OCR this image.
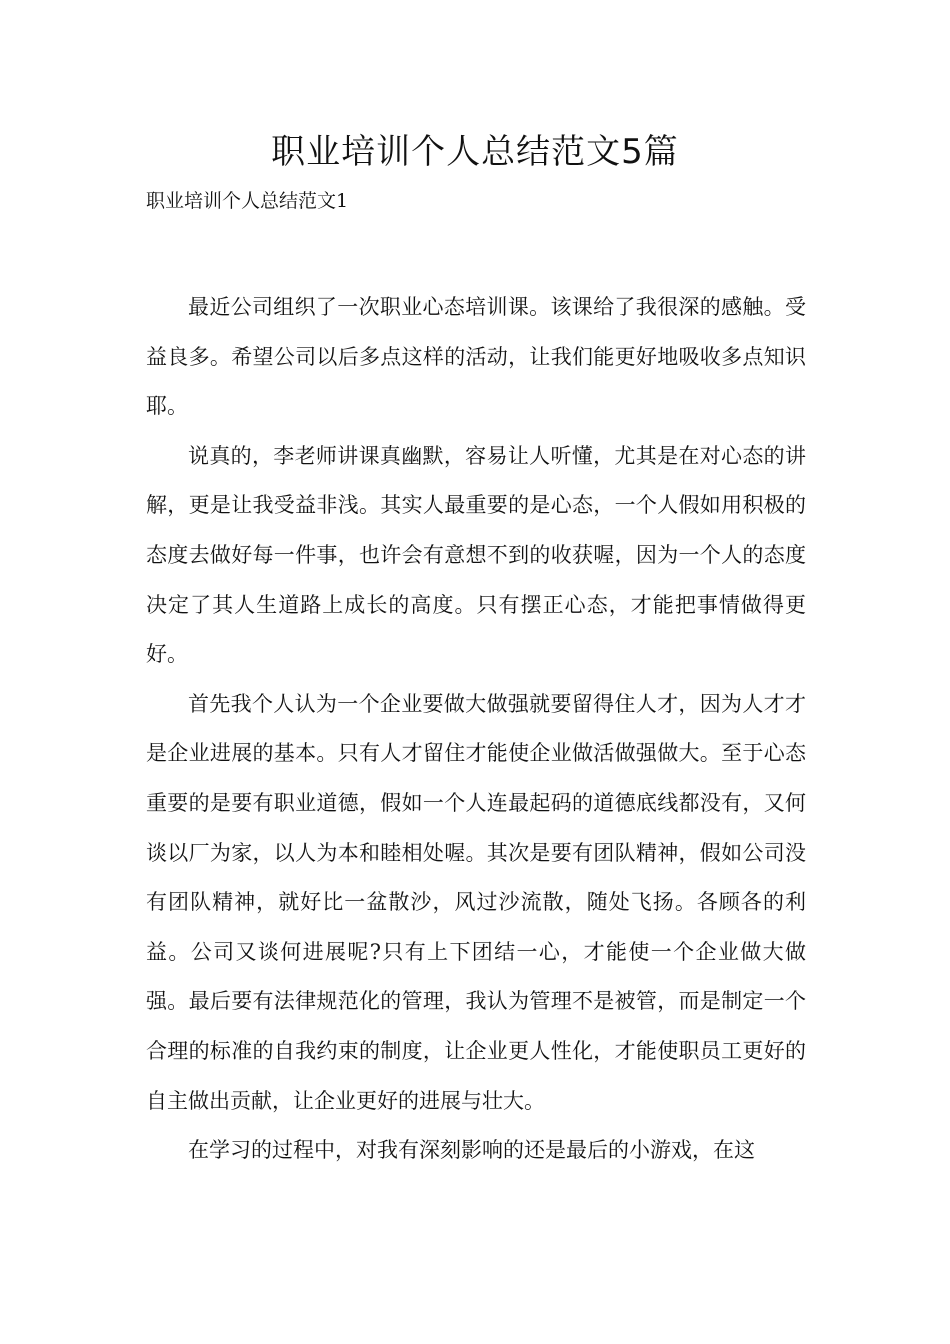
职业培训个人总结范文5篇
职业培训个人总结范文1

最近公司组织了一次职业心态培训课。该课给了我很深的感触。受益良多。希望公司以后多点这样的活动，让我们能更好地吸收多点知识耶。

说真的，李老师讲课真幽默，容易让人听懂，尤其是在对心态的讲解，更是让我受益非浅。其实人最重要的是心态，一个人假如用积极的态度去做好每一件事，也许会有意想不到的收获喔，因为一个人的态度决定了其人生道路上成长的高度。只有摆正心态，才能把事情做得更好。

首先我个人认为一个企业要做大做强就要留得住人才，因为人才才是企业进展的基本。只有人才留住才能使企业做活做强做大。至于心态重要的是要有职业道德，假如一个人连最起码的道德底线都没有，又何谈以厂为家，以人为本和睦相处喔。其次是要有团队精神，假如公司没有团队精神，就好比一盆散沙，风过沙流散，随处飞扬。各顾各的利益。公司又谈何进展呢?只有上下团结一心，才能使一个企业做大做强。最后要有法律规范化的管理，我认为管理不是被管，而是制定一个合理的标准的自我约束的制度，让企业更人性化，才能使职员工更好的自主做出贡献，让企业更好的进展与壮大。

在学习的过程中，对我有深刻影响的还是最后的小游戏，在这
